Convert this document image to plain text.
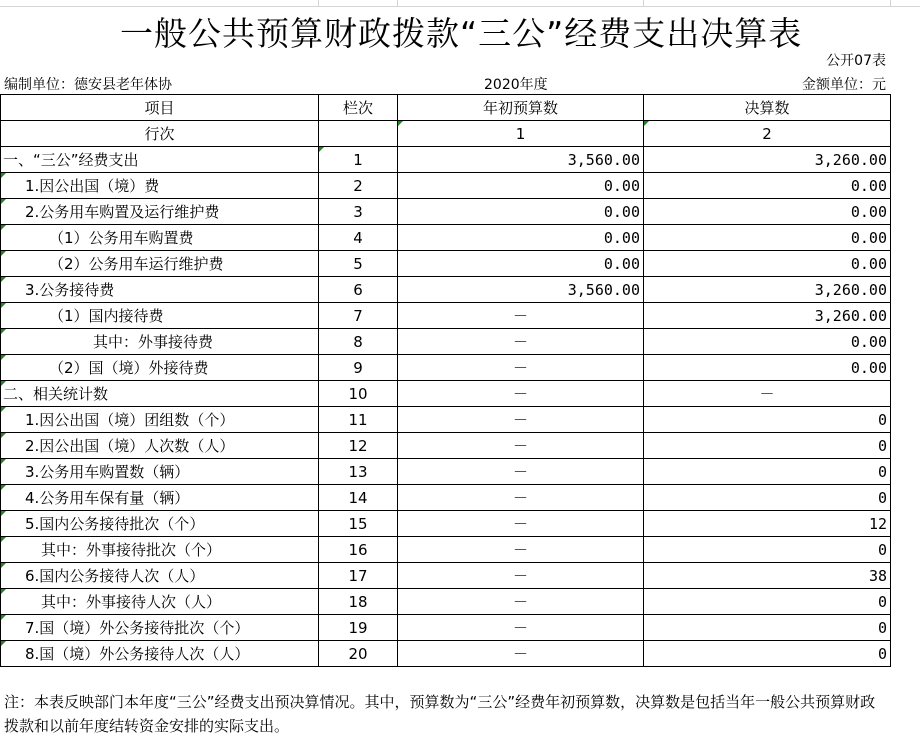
一般公共预算财政拨款“三公”经费支出决算表
公开07表
编制单位：德安县老年体协	2020年度	金额单位：元
项目	栏次	年初预算数	决算数
行次		1	2
一、“三公”经费支出	1	3,560.00	3,260.00

1.因公出国（境）费	2	0.00	0.00

2.公务用车购置及运行维护费	3	0.00	0.00

（1）公务用车购置费	4	0.00	0.00

（2）公务用车运行维护费	5	0.00	0.00

3.公务接待费	6	3,560.00	3,260.00

（1）国内接待费	7	－	3,260.00

其中：外事接待费	8	－	0.00

（2）国（境）外接待费	9	－	0.00

二、相关统计数	10	－	－

1.因公出国（境）团组数（个）	11	－	0

2.因公出国（境）人次数（人）	12	－	0

3.公务用车购置数（辆）	13	－	0

4.公务用车保有量（辆）	14	－	0

5.国内公务接待批次（个）	15	－	12

其中：外事接待批次（个）	16	－	0

6.国内公务接待人次（人）	17	－	38

其中：外事接待人次（人）	18	－	0

7.国（境）外公务接待批次（个）	19	－	0

8.国（境）外公务接待人次（人）	20	－	0
注：本表反映部门本年度“三公”经费支出预决算情况。其中，预算数为“三公”经费年初预算数，决算数是包括当年一般公共预算财政拨款和以前年度结转资金安排的实际支出。
